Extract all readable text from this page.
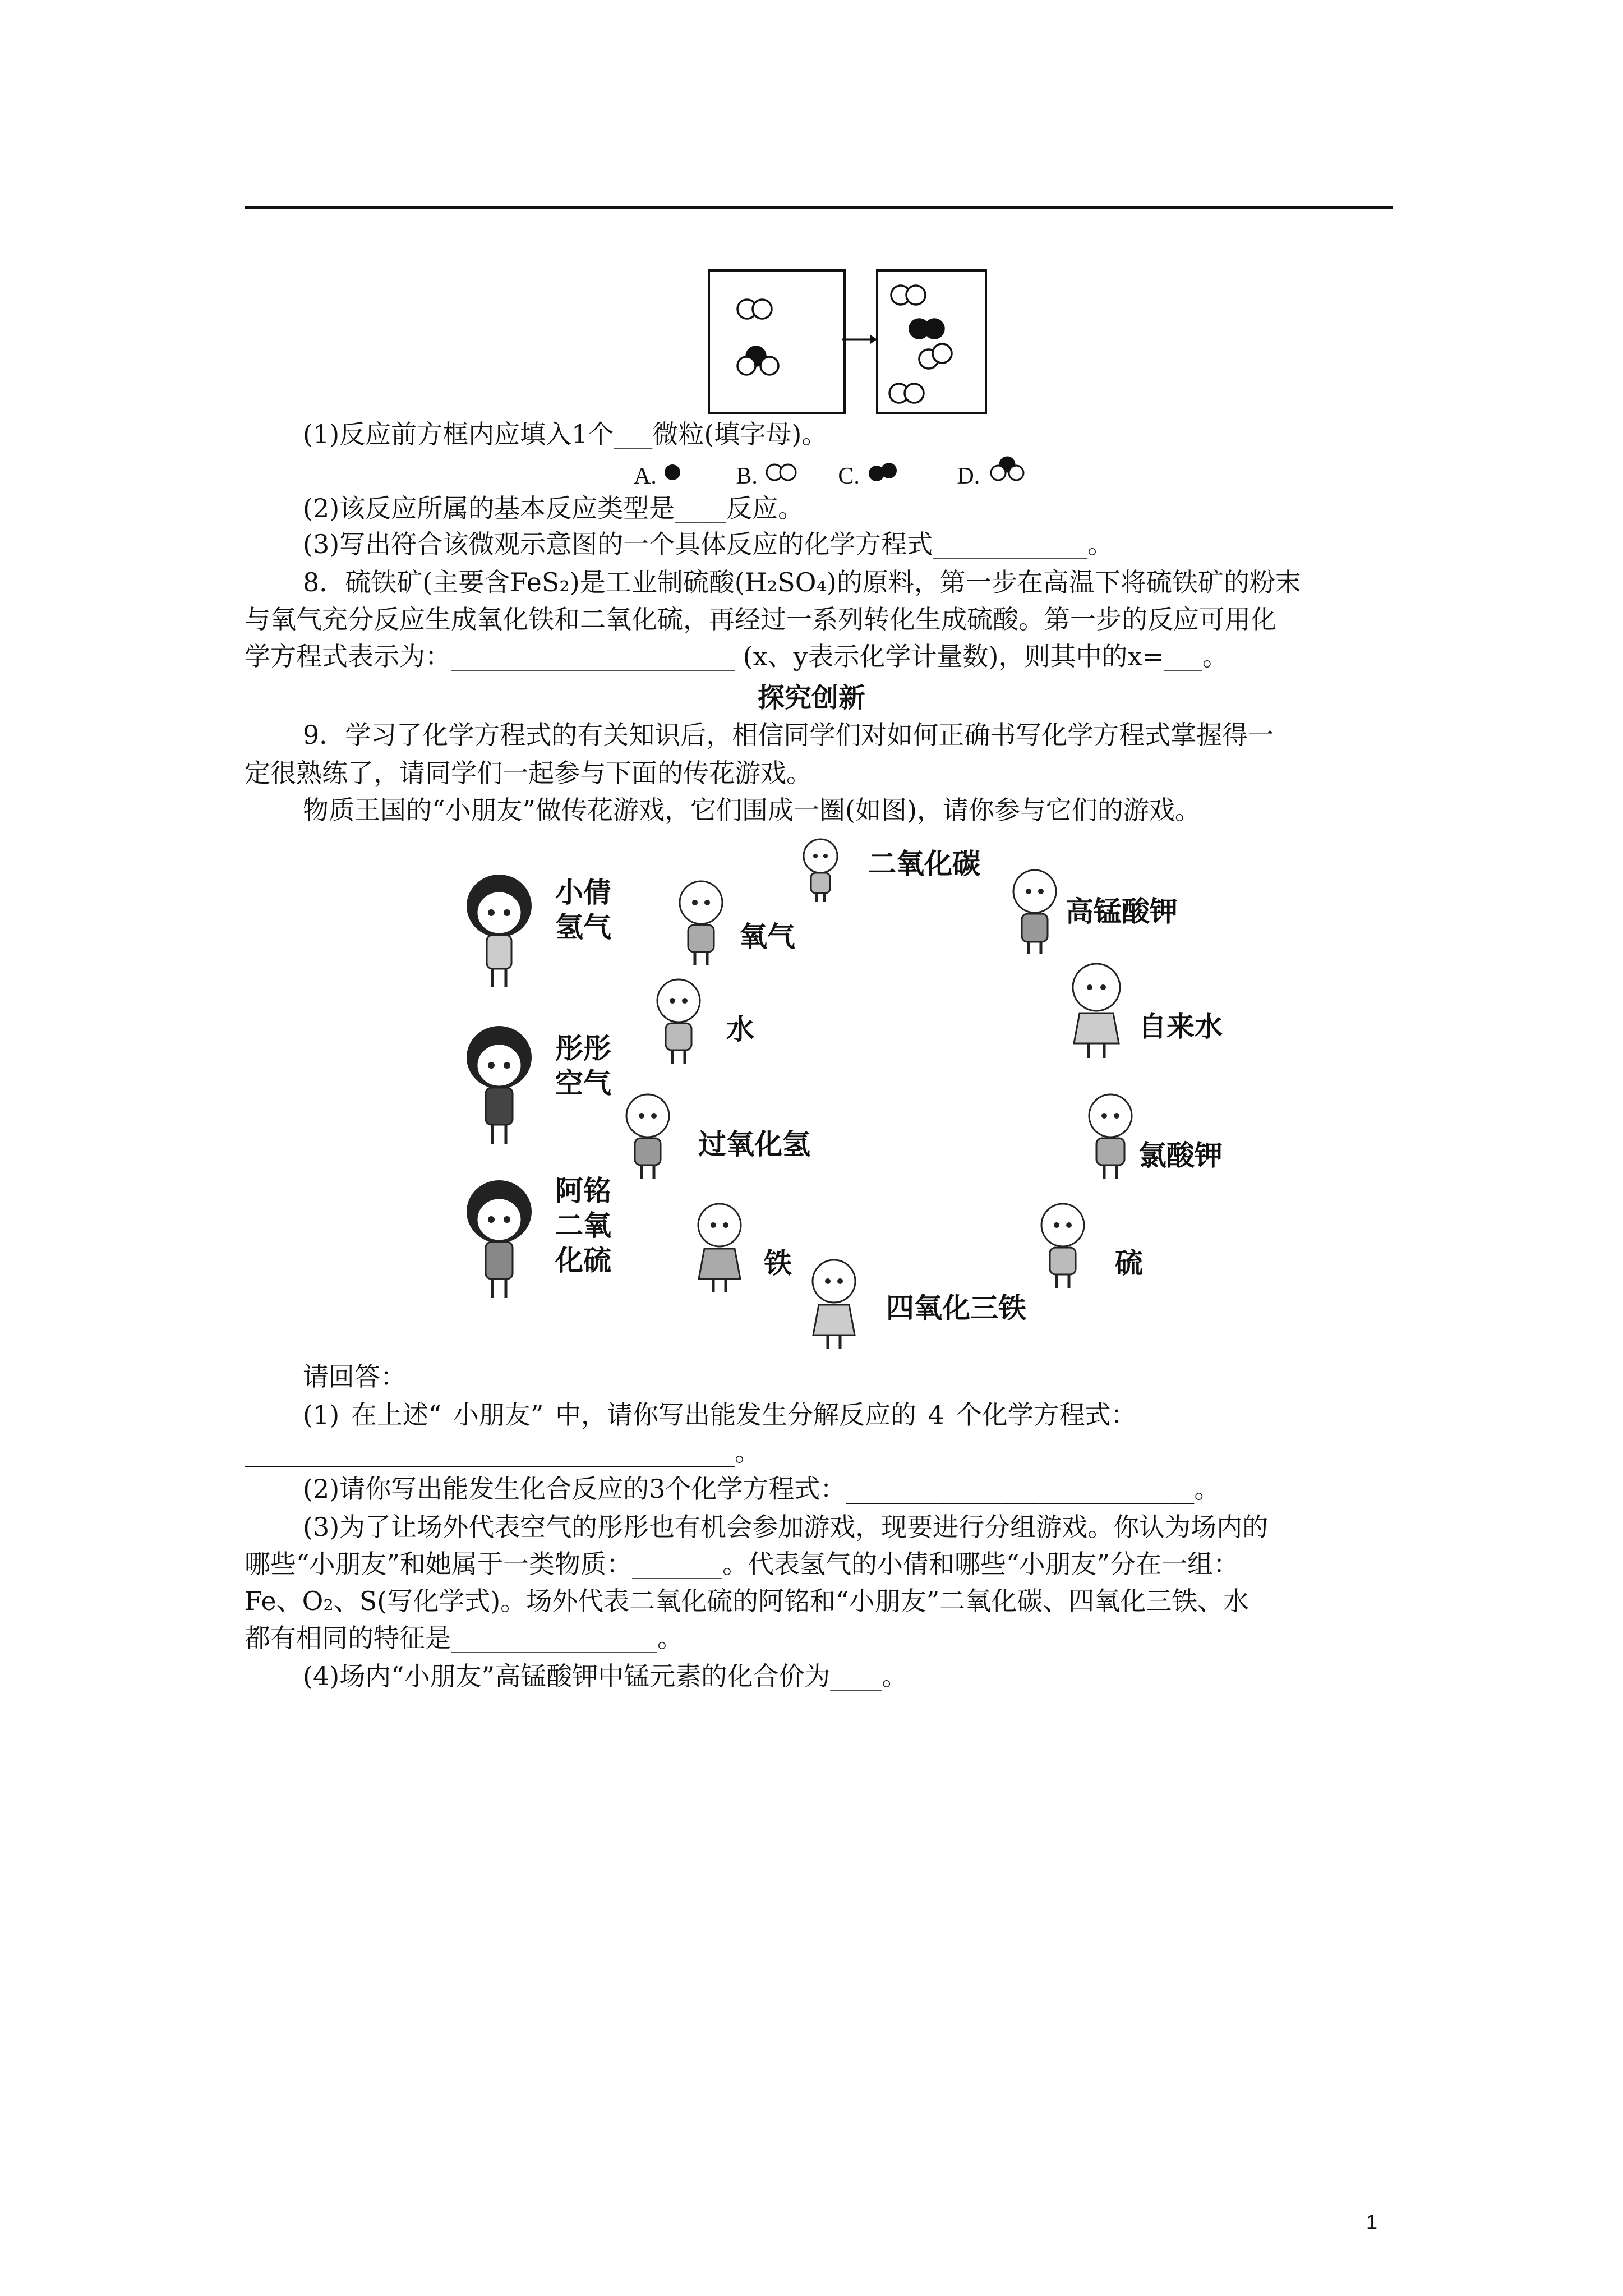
(1)反应前方框内应填入1个___微粒(填字母)。
A.	B.	C.	D.
(2)该反应所属的基本反应类型是____反应。
(3)写出符合该微观示意图的一个具体反应的化学方程式____________。
8．硫铁矿(主要含FeS₂)是工业制硫酸(H₂SO₄)的原料，第一步在高温下将硫铁矿的粉末
与氧气充分反应生成氧化铁和二氧化硫，再经过一系列转化生成硫酸。第一步的反应可用化
学方程式表示为：______________________ (x、y表示化学计量数)，则其中的x=___。
探究创新
9．学习了化学方程式的有关知识后，相信同学们对如何正确书写化学方程式掌握得一
定很熟练了，请同学们一起参与下面的传花游戏。
物质王国的“小朋友”做传花游戏，它们围成一圈(如图)，请你参与它们的游戏。
小倩
氢气
彤彤
空气
阿铭
二氧
化硫
二氧化碳
高锰酸钾
自来水
氯酸钾
硫
四氧化三铁
铁
过氧化氢
水
氧气
请回答：
(1) 在上述“ 小朋友” 中，请你写出能发生分解反应的 4 个化学方程式：
______________________________________。
(2)请你写出能发生化合反应的3个化学方程式：___________________________。
(3)为了让场外代表空气的彤彤也有机会参加游戏，现要进行分组游戏。你认为场内的
哪些“小朋友”和她属于一类物质：_______。代表氢气的小倩和哪些“小朋友”分在一组：
Fe、O₂、S(写化学式)。场外代表二氧化硫的阿铭和“小朋友”二氧化碳、四氧化三铁、水
都有相同的特征是________________。
(4)场内“小朋友”高锰酸钾中锰元素的化合价为____。
1
